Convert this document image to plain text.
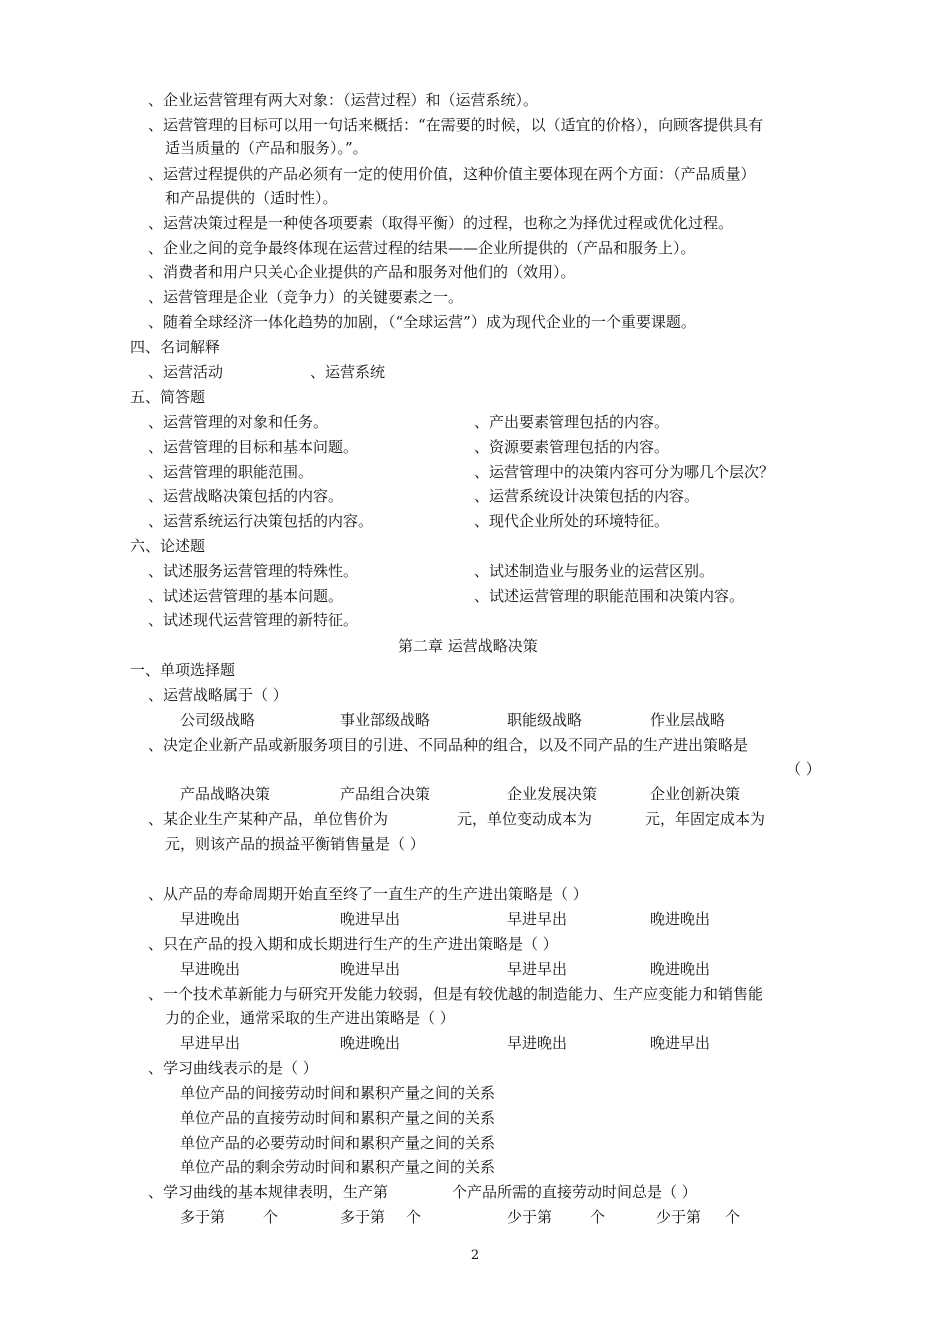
、企业运营管理有两大对象：（运营过程）和（运营系统）。
、运营管理的目标可以用一句话来概括：“在需要的时候，以（适宜的价格），向顾客提供具有
适当质量的（产品和服务）。”。
、运营过程提供的产品必须有一定的使用价值，这种价值主要体现在两个方面：（产品质量）
和产品提供的（适时性）。
、运营决策过程是一种使各项要素（取得平衡）的过程，也称之为择优过程或优化过程。
、企业之间的竞争最终体现在运营过程的结果——企业所提供的（产品和服务上）。
、消费者和用户只关心企业提供的产品和服务对他们的（效用）。
、运营管理是企业（竞争力）的关键要素之一。
、随着全球经济一体化趋势的加剧，（“全球运营”）成为现代企业的一个重要课题。
四、名词解释
、运营活动	、运营系统
五、简答题
、运营管理的对象和任务。	、产出要素管理包括的内容。
、运营管理的目标和基本问题。	、资源要素管理包括的内容。
、运营管理的职能范围。	、运营管理中的决策内容可分为哪几个层次？
、运营战略决策包括的内容。	、运营系统设计决策包括的内容。
、运营系统运行决策包括的内容。	、现代企业所处的环境特征。
六、论述题
、试述服务运营管理的特殊性。	、试述制造业与服务业的运营区别。
、试述运营管理的基本问题。	、试述运营管理的职能范围和决策内容。
、试述现代运营管理的新特征。
第二章 运营战略决策
一、单项选择题
、运营战略属于（ ）
公司级战略	事业部级战略	职能级战略	作业层战略
、决定企业新产品或新服务项目的引进、不同品种的组合，以及不同产品的生产进出策略是
（ ）
产品战略决策	产品组合决策	企业发展决策	企业创新决策
、某企业生产某种产品，单位售价为	元，单位变动成本为	元，年固定成本为
元，则该产品的损益平衡销售量是（ ）
、从产品的寿命周期开始直至终了一直生产的生产进出策略是（ ）
早进晚出	晚进早出	早进早出	晚进晚出
、只在产品的投入期和成长期进行生产的生产进出策略是（ ）
早进晚出	晚进早出	早进早出	晚进晚出
、一个技术革新能力与研究开发能力较弱，但是有较优越的制造能力、生产应变能力和销售能
力的企业，通常采取的生产进出策略是（ ）
早进早出	晚进晚出	早进晚出	晚进早出
、学习曲线表示的是（ ）
单位产品的间接劳动时间和累积产量之间的关系
单位产品的直接劳动时间和累积产量之间的关系
单位产品的必要劳动时间和累积产量之间的关系
单位产品的剩余劳动时间和累积产量之间的关系
、学习曲线的基本规律表明，生产第	个产品所需的直接劳动时间总是（ ）
多于第	个	多于第 个	少于第	个	少于第 个
2
